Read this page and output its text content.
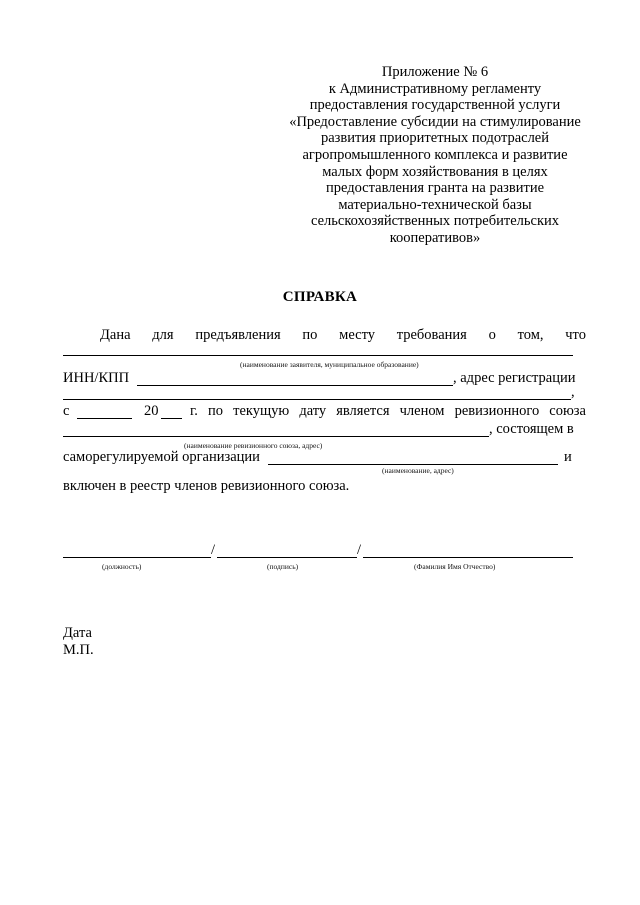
Приложение № 6
к Административному регламенту
предоставления государственной услуги
«Предоставление субсидии на стимулирование
развития приоритетных подотраслей
агропромышленного комплекса и развитие
малых форм хозяйствования в целях
предоставления гранта на развитие
материально-технической базы
сельскохозяйственных потребительских
кооперативов»
СПРАВКА
Дана для предъявления по месту требования о том, что
(наименование заявителя, муниципальное образование)
ИНН/КПП	, адрес регистрации
,
с	20 г. по текущую дату является членом ревизионного союза
, состоящем в
(наименование ревизионного союза, адрес)
саморегулируемой организации	и
(наименование, адрес)
включен в реестр членов ревизионного союза.
/	/
(должность)	(подпись)	(Фамилия Имя Отчество)
Дата
М.П.
